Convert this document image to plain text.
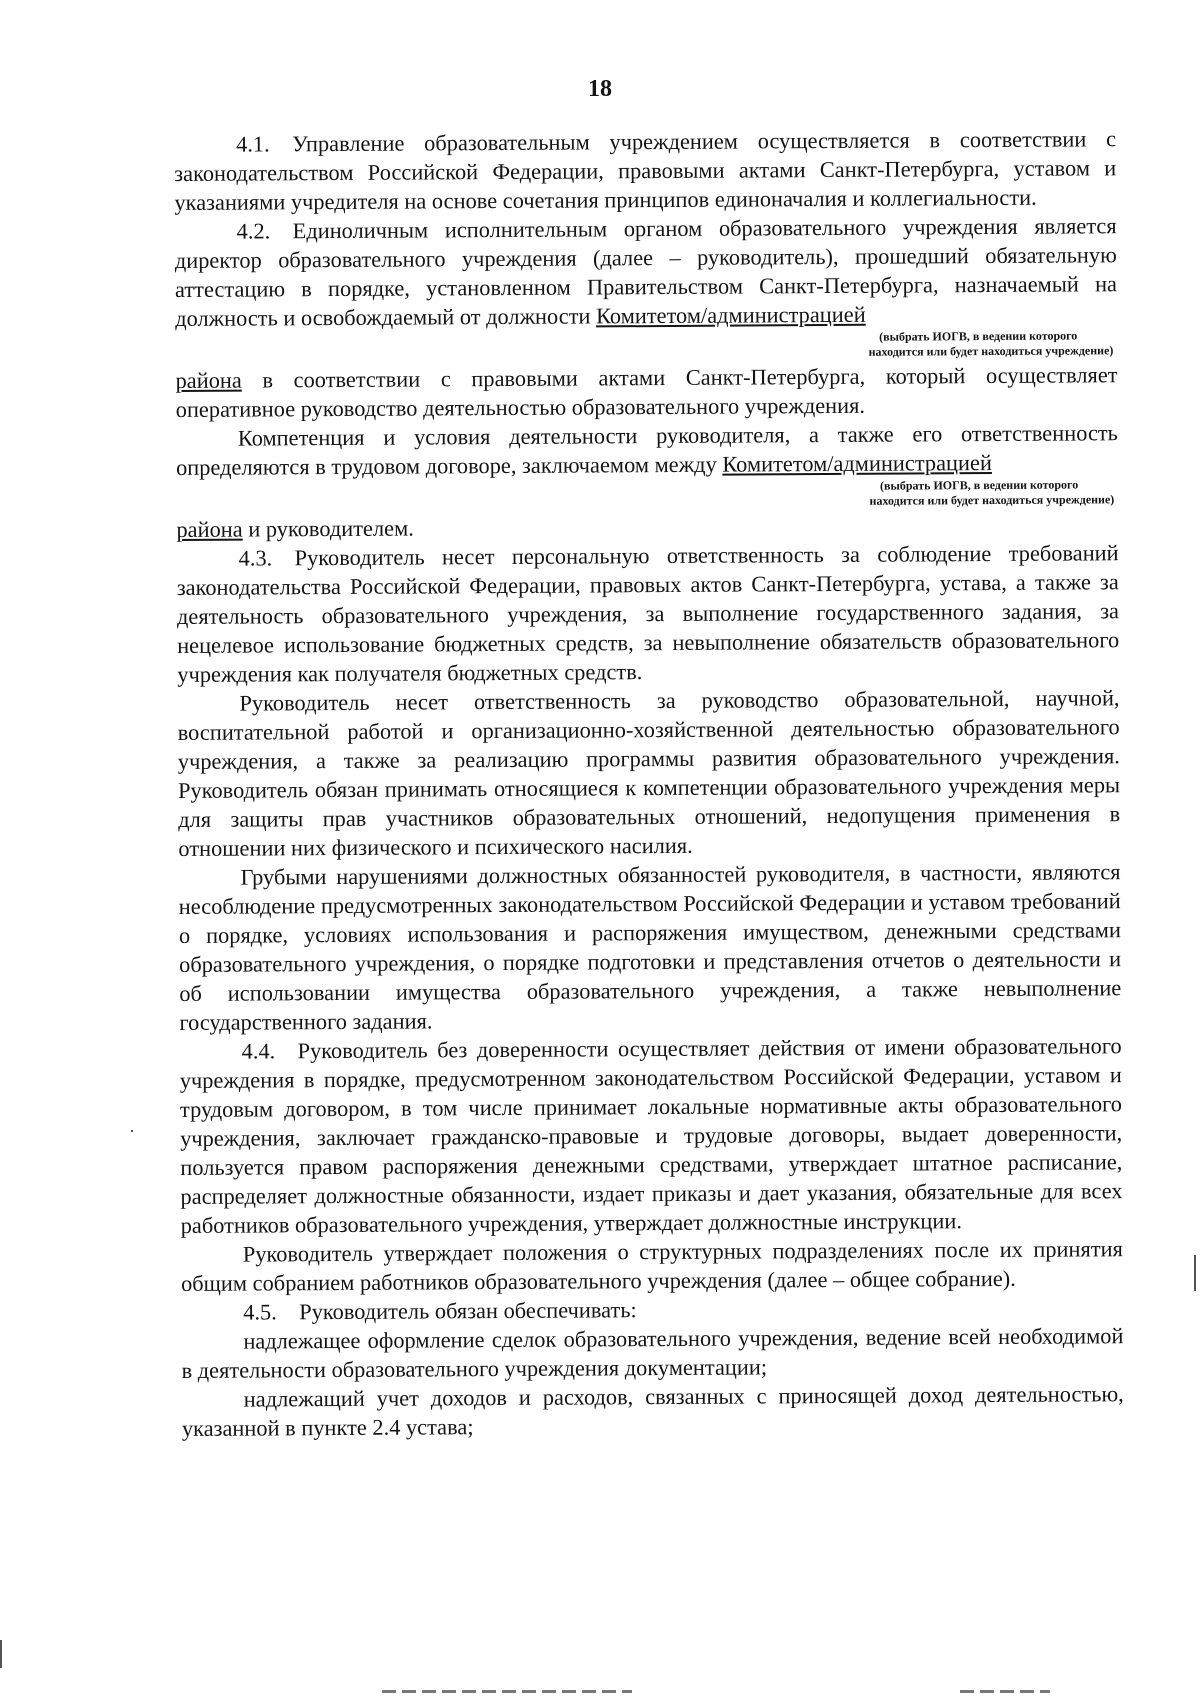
18

4.1. Управление образовательным учреждением осуществляется в соответствии с законодательством Российской Федерации, правовыми актами Санкт-Петербурга, уставом и указаниями учредителя на основе сочетания принципов единоначалия и коллегиальности.

4.2. Единоличным исполнительным органом образовательного учреждения является директор образовательного учреждения (далее – руководитель), прошедший обязательную аттестацию в порядке, установленном Правительством Санкт-Петербурга, назначаемый на должность и освобождаемый от должности Комитетом/администрацией

(выбрать ИОГВ, в ведении которого
находится или будет находиться учреждение)

района в соответствии с правовыми актами Санкт-Петербурга, который осуществляет оперативное руководство деятельностью образовательного учреждения.

Компетенция и условия деятельности руководителя, а также его ответственность определяются в трудовом договоре, заключаемом между Комитетом/администрацией

(выбрать ИОГВ, в ведении которого
находится или будет находиться учреждение)

района и руководителем.

4.3. Руководитель несет персональную ответственность за соблюдение требований законодательства Российской Федерации, правовых актов Санкт-Петербурга, устава, а также за деятельность образовательного учреждения, за выполнение государственного задания, за нецелевое использование бюджетных средств, за невыполнение обязательств образовательного учреждения как получателя бюджетных средств.

Руководитель несет ответственность за руководство образовательной, научной, воспитательной работой и организационно-хозяйственной деятельностью образовательного учреждения, а также за реализацию программы развития образовательного учреждения. Руководитель обязан принимать относящиеся к компетенции образовательного учреждения меры для защиты прав участников образовательных отношений, недопущения применения в отношении них физического и психического насилия.

Грубыми нарушениями должностных обязанностей руководителя, в частности, являются несоблюдение предусмотренных законодательством Российской Федерации и уставом требований о порядке, условиях использования и распоряжения имуществом, денежными средствами образовательного учреждения, о порядке подготовки и представления отчетов о деятельности и об использовании имущества образовательного учреждения, а также невыполнение государственного задания.

4.4. Руководитель без доверенности осуществляет действия от имени образовательного учреждения в порядке, предусмотренном законодательством Российской Федерации, уставом и трудовым договором, в том числе принимает локальные нормативные акты образовательного учреждения, заключает гражданско-правовые и трудовые договоры, выдает доверенности, пользуется правом распоряжения денежными средствами, утверждает штатное расписание, распределяет должностные обязанности, издает приказы и дает указания, обязательные для всех работников образовательного учреждения, утверждает должностные инструкции.

Руководитель утверждает положения о структурных подразделениях после их принятия общим собранием работников образовательного учреждения (далее – общее собрание).

4.5. Руководитель обязан обеспечивать:

надлежащее оформление сделок образовательного учреждения, ведение всей необходимой в деятельности образовательного учреждения документации;

надлежащий учет доходов и расходов, связанных с приносящей доход деятельностью, указанной в пункте 2.4 устава;
